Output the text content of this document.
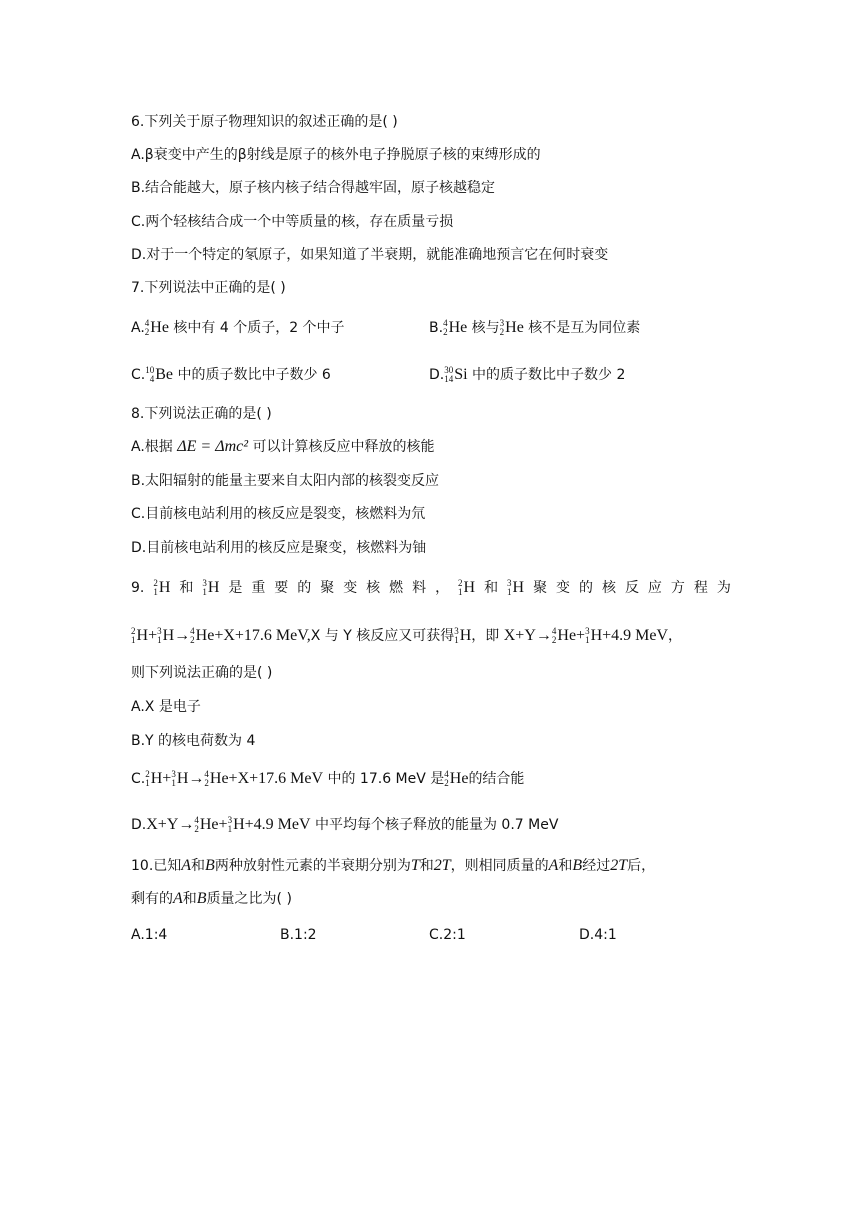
6.下列关于原子物理知识的叙述正确的是( )
A.β衰变中产生的β射线是原子的核外电子挣脱原子核的束缚形成的
B.结合能越大，原子核内核子结合得越牢固，原子核越稳定
C.两个轻核结合成一个中等质量的核，存在质量亏损
D.对于一个特定的氡原子，如果知道了半衰期，就能准确地预言它在何时衰变
7.下列说法中正确的是( )
A. 4
2 He 核中有 4 个质子，2 个中子	B. 4
2 He 核与 3
2 He 核不是互为同位素
C. 10
4 Be 中的质子数比中子数少 6	D. 30
14 Si 中的质子数比中子数少 2
8.下列说法正确的是( )
A.根据 ΔE = Δmc² 可以计算核反应中释放的核能
B.太阳辐射的能量主要来自太阳内部的核裂变反应
C.目前核电站利用的核反应是裂变，核燃料为氘
D.目前核电站利用的核反应是聚变，核燃料为铀
9. 2
1 H 和 3
1 H 是 重 要 的 聚 变 核 燃 料 ， 2
1 H 和 3
1 H 聚 变 的 核 反 应 方 程 为
2
1 H + 3
1 H → 4
2 He +X+17.6 MeV,X 与 Y 核反应又可获得 3
1 H ，即 X+Y→ 4
2 He + 3
1 H +4.9 MeV，
则下列说法正确的是( )
A.X 是电子
B.Y 的核电荷数为 4
C. 2
1 H + 3
1 H → 4
2 He +X+17.6 MeV 中的 17.6 MeV 是 4
2 He 的结合能
D.X+Y→ 4
2 He + 3
1 H +4.9 MeV 中平均每个核子释放的能量为 0.7 MeV
10.已知A和B两种放射性元素的半衰期分别为T和2T，则相同质量的A和B经过2T后，
剩有的A和B质量之比为( )
A.1:4	B.1:2	C.2:1	D.4:1
